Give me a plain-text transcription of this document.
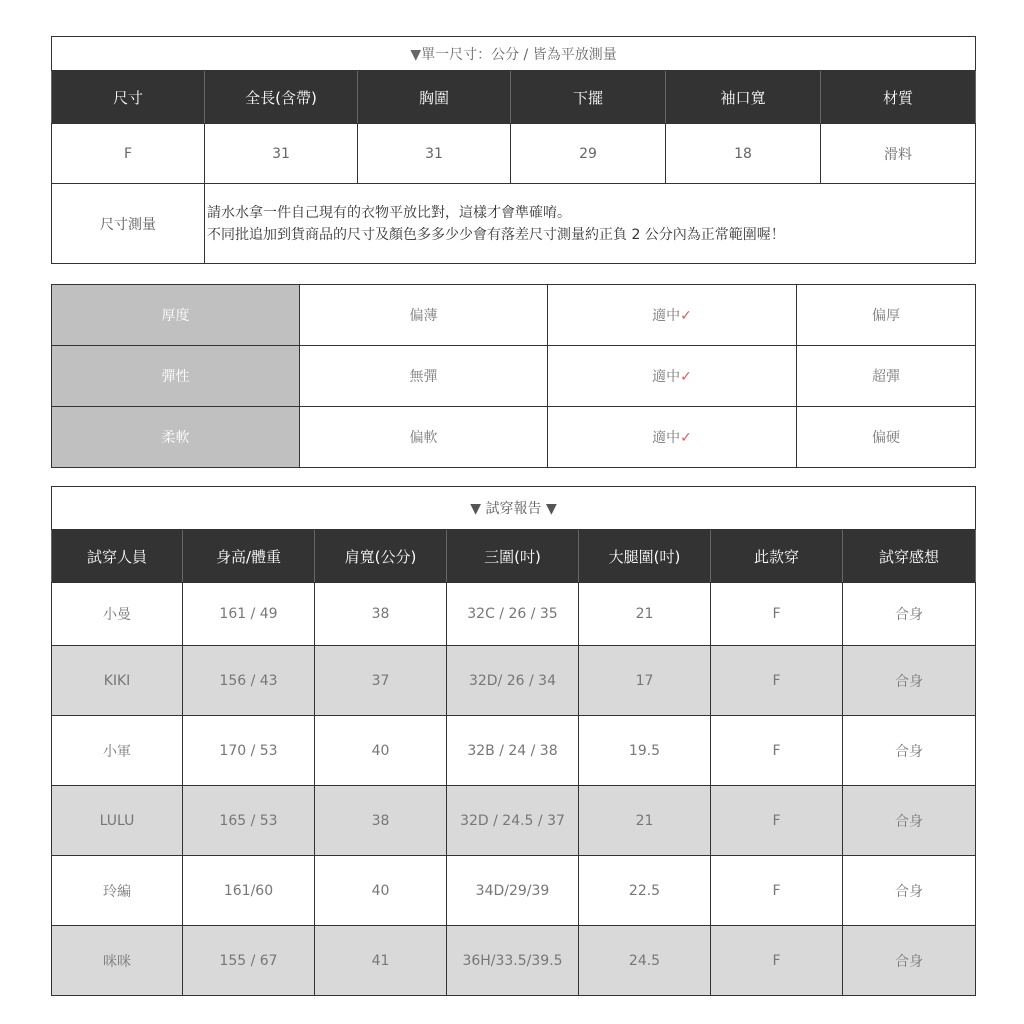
▼單一尺寸：公分 / 皆為平放測量					
尺寸	全長(含帶)	胸圍	下擺	袖口寬	材質
F	31	31	29	18	滑料
尺寸測量	請水水拿一件自己現有的衣物平放比對，這樣才會準確唷。
不同批追加到貨商品的尺寸及顏色多多少少會有落差尺寸測量約正負 2 公分內為正常範圍喔！				
厚度	偏薄	適中✓	偏厚
彈性	無彈	適中✓	超彈
柔軟	偏軟	適中✓	偏硬
▼ 試穿報告 ▼						
試穿人員	身高/體重	肩寬(公分)	三圍(吋)	大腿圍(吋)	此款穿	試穿感想
小曼	161 / 49	38	32C / 26 / 35	21	F	合身
KIKI	156 / 43	37	32D/ 26 / 34	17	F	合身
小軍	170 / 53	40	32B / 24 / 38	19.5	F	合身
LULU	165 / 53	38	32D / 24.5 / 37	21	F	合身
玲編	161/60	40	34D/29/39	22.5	F	合身
咪咪	155 / 67	41	36H/33.5/39.5	24.5	F	合身
